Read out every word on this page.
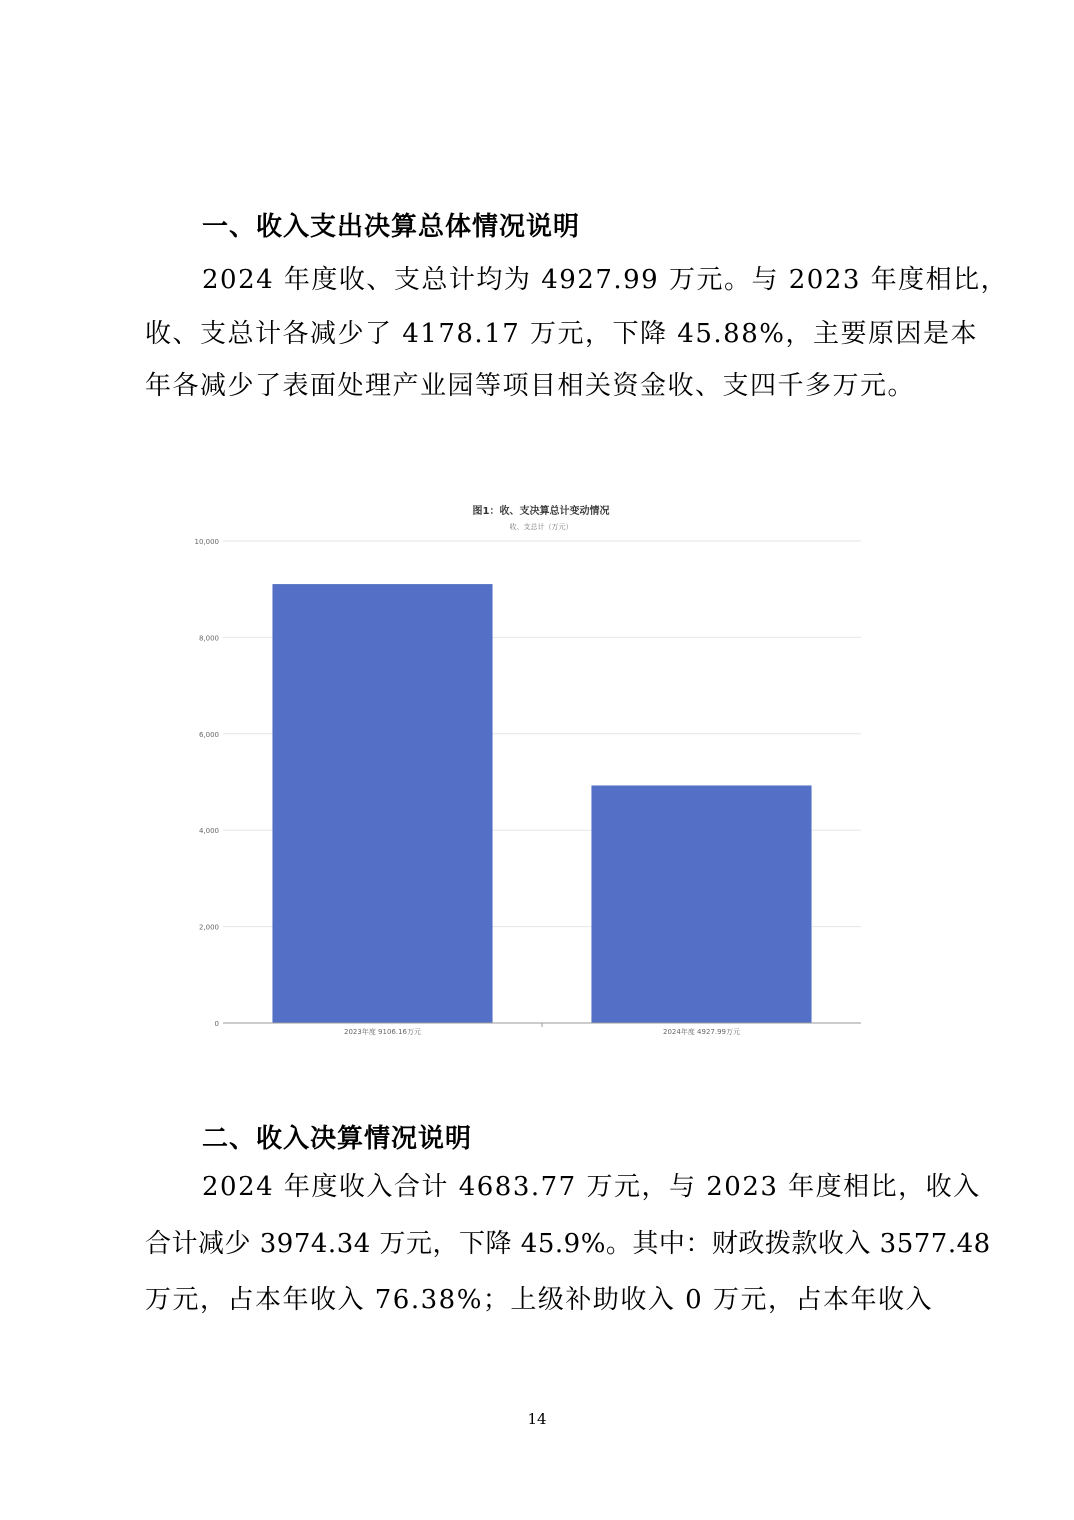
一、收入支出决算总体情况说明
2024 年度收、支总计均为 4927.99 万元。与 2023 年度相比，
收、支总计各减少了 4178.17 万元，下降 45.88%，主要原因是本
年各减少了表面处理产业园等项目相关资金收、支四千多万元。
图1：收、支决算总计变动情况
收、支总计（万元）
0
2,000
4,000
6,000
8,000
10,000
2023年度 9106.16万元	2024年度 4927.99万元
二、收入决算情况说明
2024 年度收入合计 4683.77 万元，与 2023 年度相比，收入
合计减少 3974.34 万元，下降 45.9%。其中：财政拨款收入 3577.48
万元，占本年收入 76.38%；上级补助收入 0 万元，占本年收入
14
